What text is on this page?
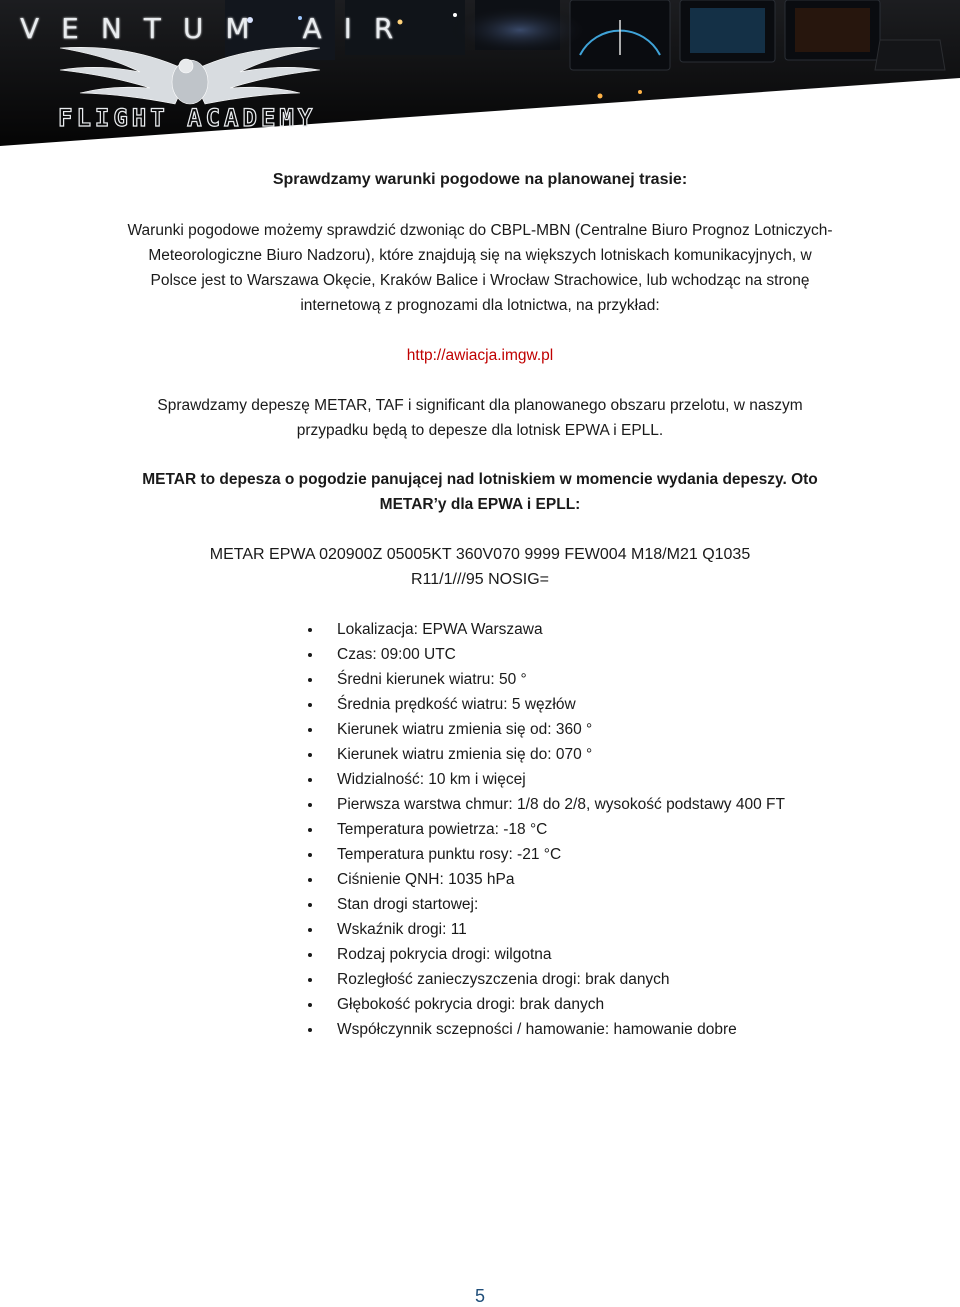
VENTUM AIR
FLIGHT ACADEMY
Sprawdzamy warunki pogodowe na planowanej trasie:
Warunki pogodowe możemy sprawdzić dzwoniąc do CBPL-MBN (Centralne Biuro Prognoz Lotniczych-
Meteorologiczne Biuro Nadzoru), które znajdują się na większych lotniskach komunikacyjnych, w
Polsce jest to Warszawa Okęcie, Kraków Balice i Wrocław Strachowice, lub wchodząc na stronę
internetową z prognozami dla lotnictwa, na przykład:
http://awiacja.imgw.pl
Sprawdzamy depeszę METAR, TAF i significant dla planowanego obszaru przelotu, w naszym
przypadku będą to depesze dla lotnisk EPWA i EPLL.
METAR to depesza o pogodzie panującej nad lotniskiem w momencie wydania depeszy. Oto
METAR’y dla EPWA i EPLL:
METAR EPWA 020900Z 05005KT 360V070 9999 FEW004 M18/M21 Q1035
R11/1///95 NOSIG=
Lokalizacja: EPWA Warszawa
Czas: 09:00 UTC
Średni kierunek wiatru: 50 °
Średnia prędkość wiatru: 5 węzłów
Kierunek wiatru zmienia się od: 360 °
Kierunek wiatru zmienia się do: 070 °
Widzialność: 10 km i więcej
Pierwsza warstwa chmur: 1/8 do 2/8, wysokość podstawy 400 FT
Temperatura powietrza: -18 °C
Temperatura punktu rosy: -21 °C
Ciśnienie QNH: 1035 hPa
Stan drogi startowej:
Wskaźnik drogi: 11
Rodzaj pokrycia drogi: wilgotna
Rozległość zanieczyszczenia drogi: brak danych
Głębokość pokrycia drogi: brak danych
Współczynnik sczepności / hamowanie: hamowanie dobre
5
